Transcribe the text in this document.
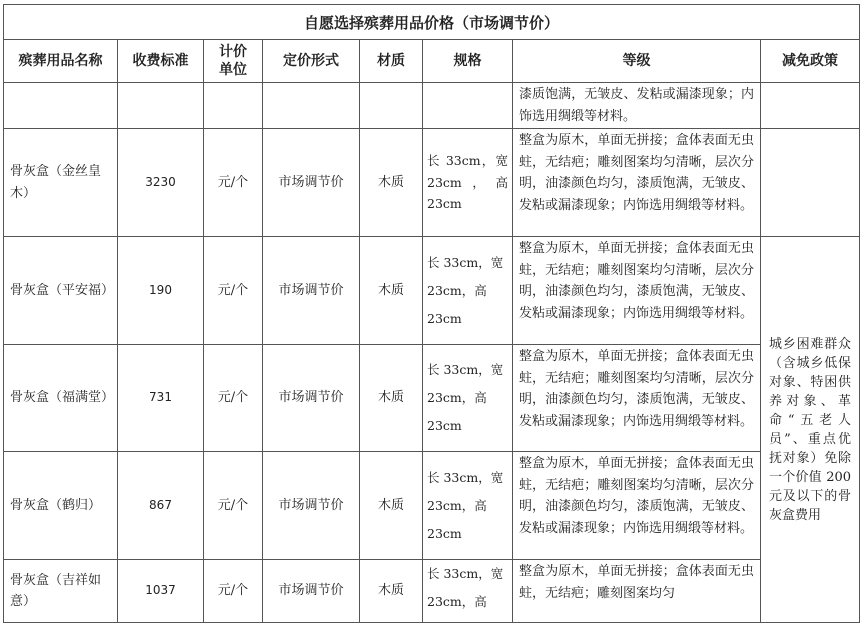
自愿选择殡葬用品价格（市场调节价）								
殡葬用品名称	收费标准	计价单位	定价形式	材质	规格	等级	减免政策	
						漆质饱满，无皱皮、发粘或漏漆现象；内饰选用绸缎等材料。		
骨灰盒（金丝皇木）	3230	元/个	市场调节价	木质	长 33cm，宽 23cm，高 23cm	整盒为原木，单面无拼接；盒体表面无虫蛀，无结疤；雕刻图案均匀清晰，层次分明，油漆颜色均匀，漆质饱满，无皱皮、发粘或漏漆现象；内饰选用绸缎等材料。		
骨灰盒（平安福）	190	元/个	市场调节价	木质	长 33cm，宽 23cm，高 23cm	整盒为原木，单面无拼接；盒体表面无虫蛀，无结疤；雕刻图案均匀清晰，层次分明，油漆颜色均匀，漆质饱满，无皱皮、发粘或漏漆现象；内饰选用绸缎等材料。	城乡困难群众（含城乡低保对象、特困供养对象、革命“五老人员”、重点优抚对象）免除一个价值 200 元及以下的骨灰盒费用	
骨灰盒（福满堂）	731	元/个	市场调节价	木质	长 33cm，宽 23cm，高 23cm	整盒为原木，单面无拼接；盒体表面无虫蛀，无结疤；雕刻图案均匀清晰，层次分明，油漆颜色均匀，漆质饱满，无皱皮、发粘或漏漆现象；内饰选用绸缎等材料。		
骨灰盒（鹤归）	867	元/个	市场调节价	木质	长 33cm，宽 23cm，高 23cm	整盒为原木，单面无拼接；盒体表面无虫蛀，无结疤；雕刻图案均匀清晰，层次分明，油漆颜色均匀，漆质饱满，无皱皮、发粘或漏漆现象；内饰选用绸缎等材料。		
骨灰盒（吉祥如意）	1037	元/个	市场调节价	木质	长 33cm，宽 23cm，高	整盒为原木，单面无拼接；盒体表面无虫蛀，无结疤；雕刻图案均匀		
